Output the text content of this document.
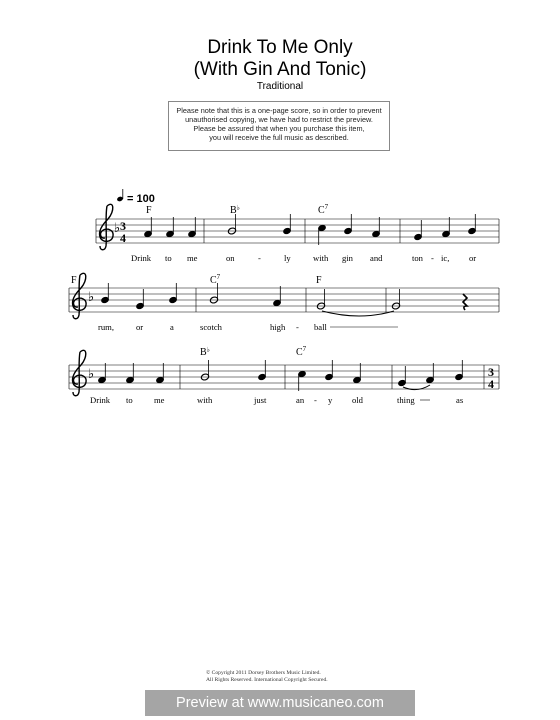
Drink To Me Only
(With Gin And Tonic)
Traditional
Please note that this is a one-page score, so in order to prevent
unauthorised copying, we have had to restrict the preview.
Please be assured that when you purchase this item,
you will receive the full music as described.
♭ 3
4
= 100
F	B♭	$C^7$
Drink to me	on	-	ly	with gin and	ton - ic, or
♭
F	$C^7$	F
rum,	or	a	scotch	high - ball
♭	3
4
B♭	$C^7$
Drink to me	with	just	an - y old	thing	as
© Copyright 2011 Dorsey Brothers Music Limited.
All Rights Reserved. International Copyright Secured.
Preview at www.musicaneo.com
